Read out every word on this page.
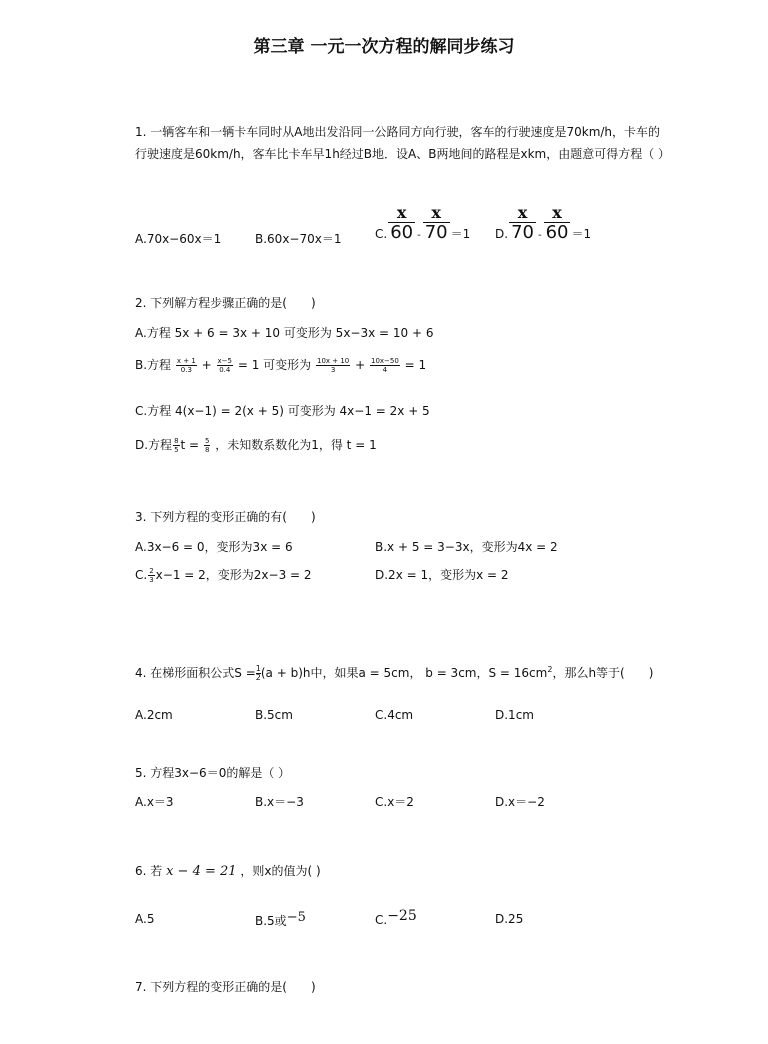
第三章 一元一次方程的解同步练习
1. 一辆客车和一辆卡车同时从A地出发沿同一公路同方向行驶，客车的行驶速度是70km/h，卡车的行驶速度是60km/h，客车比卡车早1h经过B地．设A、B两地间的路程是xkm，由题意可得方程（ ）
A.70x−60x＝1	B.60x−70x＝1	C. $\frac{x}{60} _- \frac{x}{70} =1$ D. $\frac{x}{70} _- \frac{x}{60} =1$
2. 下列解方程步骤正确的是(　　)
A.方程 5x + 6 = 3x + 10 可变形为 5x−3x = 10 + 6
B.方程 $\frac{x + 1}{0.3} + \frac{x-5}{0.4} = 1$ 可变形为 $\frac{10x + 10}{3} + \frac{10x-50}{4} = 1$
C.方程 4(x−1) = 2(x + 5) 可变形为 4x−1 = 2x + 5
D.方程 $\frac{8}{5}$ $t = \frac{5}{8}$ ，未知数系数化为1，得 t = 1
3. 下列方程的变形正确的有(　　)
A.3x−6 = 0，变形为3x = 6	B.x + 5 = 3−3x，变形为4x = 2
C. $\frac{2}{3} x-1 = 2$，变形为2x−3 = 2	D.2x = 1，变形为x = 2
4. 在梯形面积公式$S = \frac{1}{2} (a + b)h$中，如果a = 5cm， b = 3cm，$S = 16cm^2$，那么h等于(　　)
A.2cm	B.5cm	C.4cm	D.1cm
5. 方程3x−6＝0的解是（ ）
A.x＝3	B.x＝−3	C.x＝2	D.x＝−2
6. 若 x − 4 = 21 ，则x的值为( )
A.5	B.5或−5	C.−25	D.25
7. 下列方程的变形正确的是(　　)
